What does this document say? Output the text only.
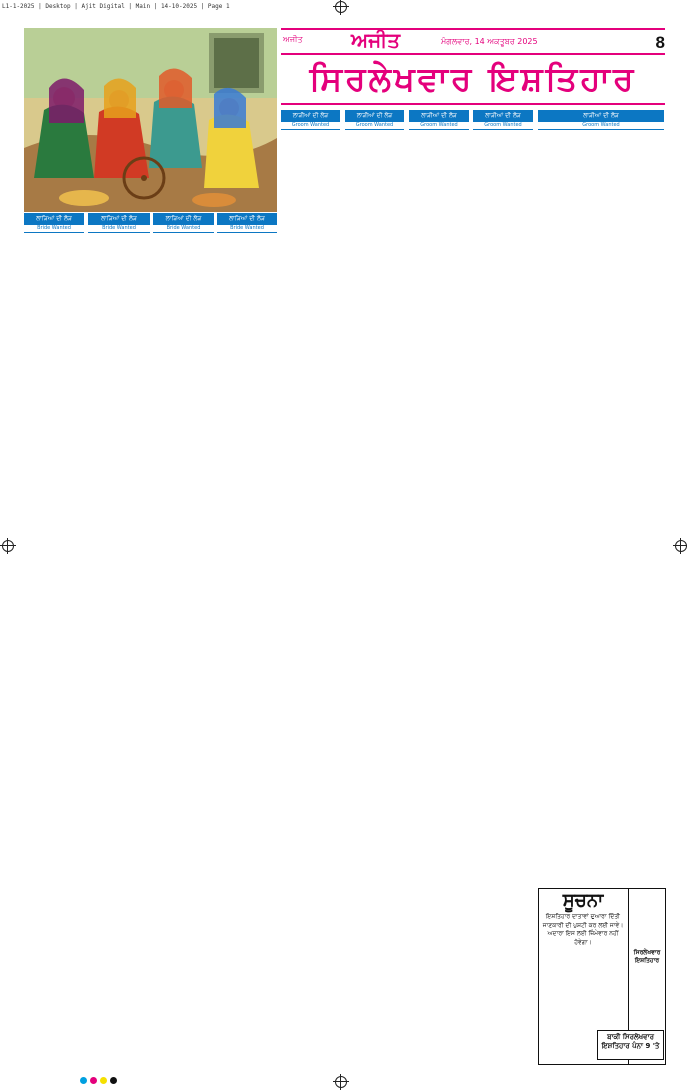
L1-1-2025 | Desktop | Ajit Digital | Main | 14-10-2025 | Page 1
ਅਜੀਤ ਅਜੀਤ	ਮੰਗਲਵਾਰ, 14 ਅਕਤੂਬਰ 2025	8
ਸਿਰਲੇਖਵਾਰ ਇਸ਼ਤਿਹਾਰ
ਲਾੜਿਆਂ ਦੀ ਲੋੜ
Bride Wanted
ਲਾੜਿਆਂ ਦੀ ਲੋੜ
Bride Wanted
ਲਾੜਿਆਂ ਦੀ ਲੋੜ
Bride Wanted
ਲਾੜਿਆਂ ਦੀ ਲੋੜ
Bride Wanted
ਲਾੜੀਆਂ ਦੀ ਲੋੜ
Groom Wanted
ਲਾੜੀਆਂ ਦੀ ਲੋੜ
Groom Wanted
ਲਾੜੀਆਂ ਦੀ ਲੋੜ
Groom Wanted
ਲਾੜੀਆਂ ਦੀ ਲੋੜ
Groom Wanted
ਲਾੜੀਆਂ ਦੀ ਲੋੜ
Groom Wanted
ਸੂਚਨਾ
ਇਸ਼ਤਿਹਾਰ ਦਾਤਾਵਾਂ ਦੁਆਰਾ ਦਿੱਤੀ ਜਾਣਕਾਰੀ ਦੀ ਪੁਸ਼ਟੀ ਕਰ ਲਈ ਜਾਵੇ। ਅਦਾਰਾ ਇਸ ਲਈ ਜ਼ਿੰਮੇਵਾਰ ਨਹੀਂ ਹੋਵੇਗਾ।
ਸਿਰਲੇਖਵਾਰ ਇਸ਼ਤਿਹਾਰ
ਬਾਕੀ ਸਿਰਲੇਖਵਾਰ ਇਸ਼ਤਿਹਾਰ ਪੰਨਾ 9 'ਤੇ
